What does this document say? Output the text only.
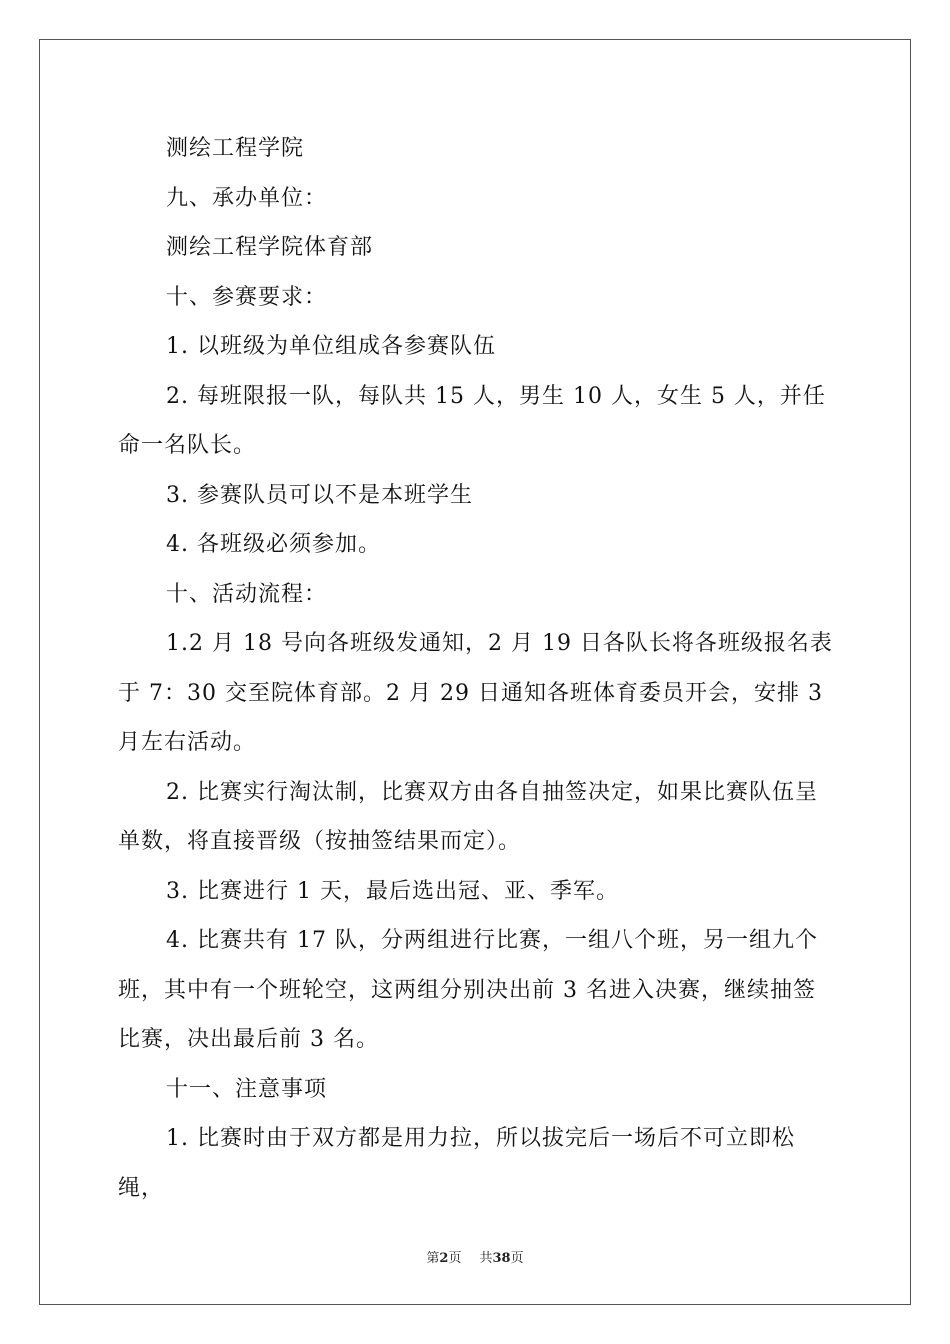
测绘工程学院

九、承办单位：

测绘工程学院体育部

十、参赛要求：

1. 以班级为单位组成各参赛队伍

2. 每班限报一队，每队共 15 人，男生 10 人，女生 5 人，并任命一名队长。

3. 参赛队员可以不是本班学生

4. 各班级必须参加。

十、活动流程：

1.2 月 18 号向各班级发通知，2 月 19 日各队长将各班级报名表于 7：30 交至院体育部。2 月 29 日通知各班体育委员开会，安排 3 月左右活动。

2. 比赛实行淘汰制，比赛双方由各自抽签决定，如果比赛队伍呈单数，将直接晋级（按抽签结果而定）。

3. 比赛进行 1 天，最后选出冠、亚、季军。

4. 比赛共有 17 队，分两组进行比赛，一组八个班，另一组九个班，其中有一个班轮空，这两组分别决出前 3 名进入决赛，继续抽签比赛，决出最后前 3 名。

十一、注意事项

1. 比赛时由于双方都是用力拉，所以拔完后一场后不可立即松绳，

第2页 共38页
